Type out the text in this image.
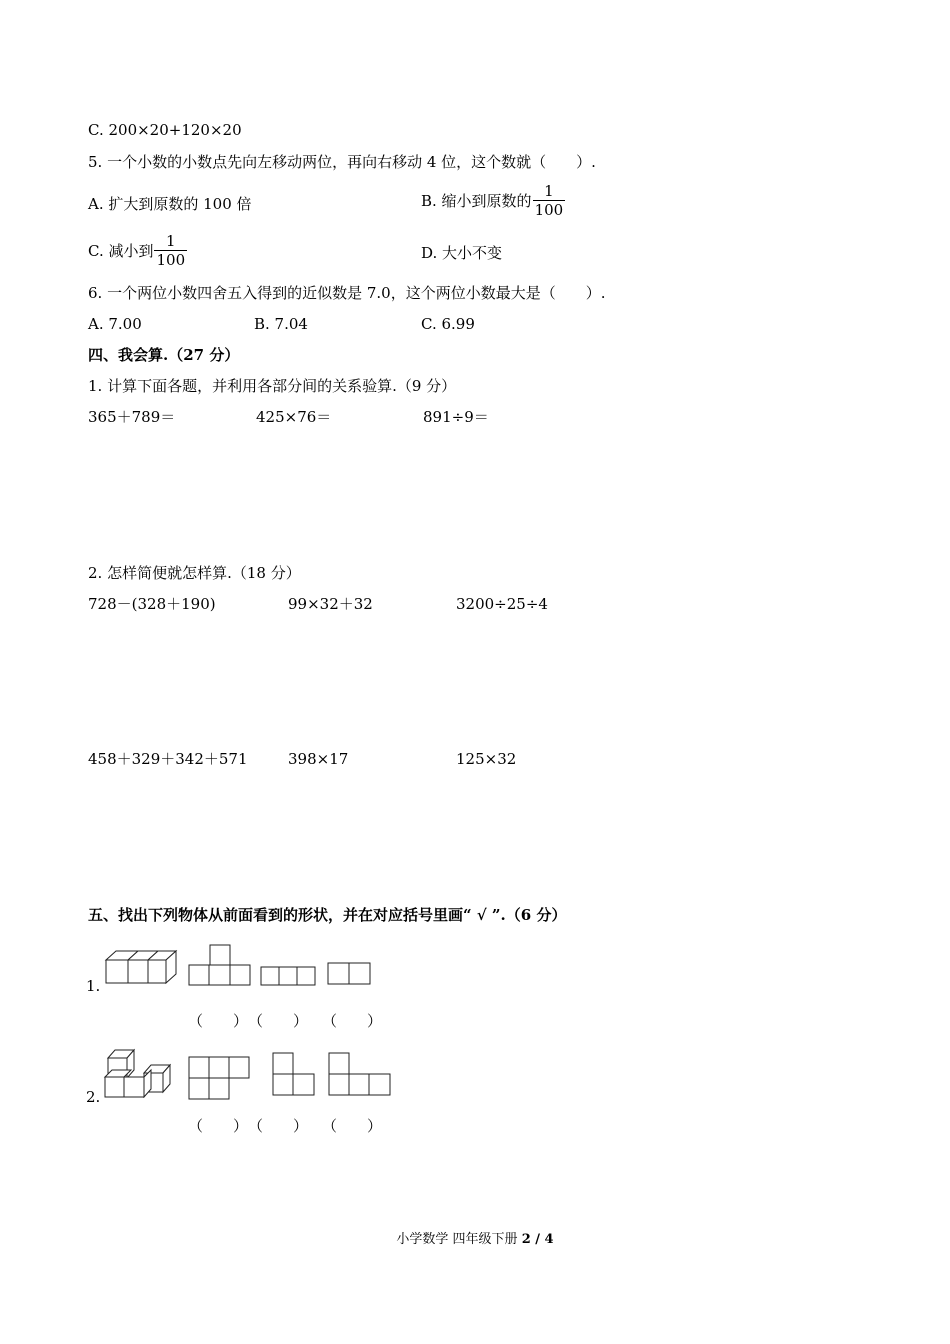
C. 200×20+120×20
5. 一个小数的小数点先向左移动两位，再向右移动 4 位，这个数就（　　）.
A. 扩大到原数的 100 倍	B. 缩小到原数的 $\frac{1}{100}$
C. 减小到 $\frac{1}{100}$	D. 大小不变
6. 一个两位小数四舍五入得到的近似数是 7.0，这个两位小数最大是（　　）.
A. 7.00	B. 7.04	C. 6.99
四、我会算.（27 分）
1. 计算下面各题，并利用各部分间的关系验算.（9 分）
365＋789＝	425×76＝	891÷9＝
2. 怎样简便就怎样算.（18 分）
728－(328＋190)	99×32＋32	3200÷25÷4
458＋329＋342＋571	398×17	125×32
五、找出下列物体从前面看到的形状，并在对应括号里画“ √ ”.（6 分）
1.
（　　） （　　） （　　）
2.
（　　） （　　） （　　）
小学数学 四年级下册 2 / 4
